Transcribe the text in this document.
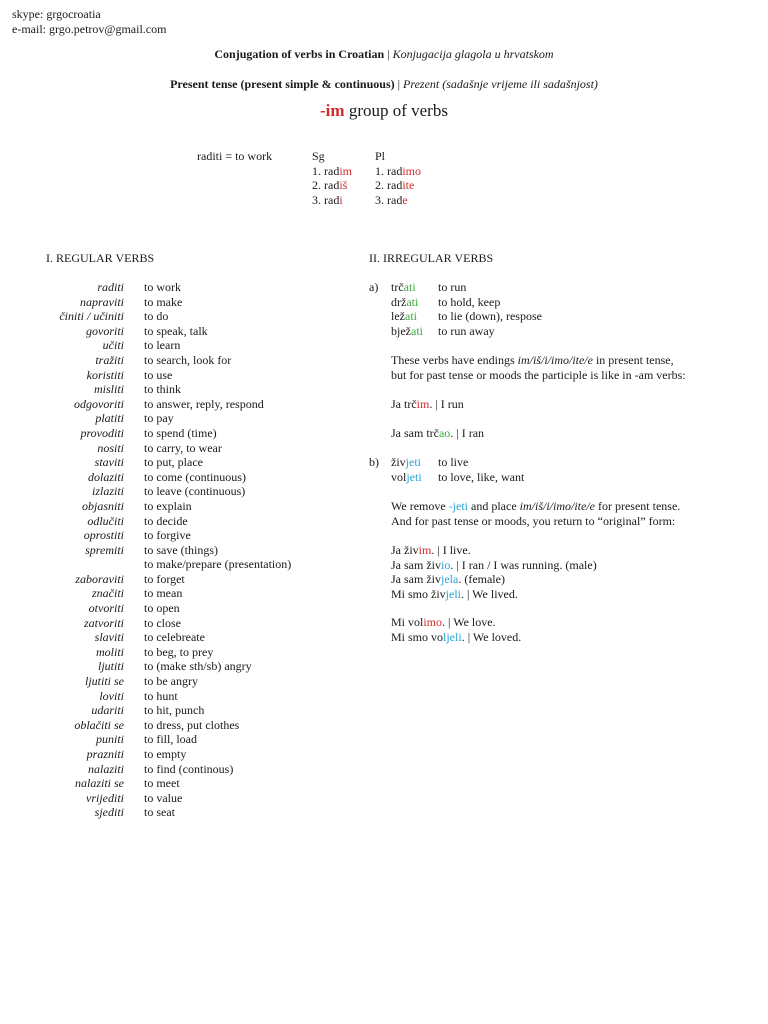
skype: grgocroatia
e-mail: grgo.petrov@gmail.com
Conjugation of verbs in Croatian | Konjugacija glagola u hrvatskom
Present tense (present simple & continuous) | Prezent (sadašnje vrijeme ili sadašnjost)
-im group of verbs
raditi = to work	Sg
1. radim
2. radiš
3. radi
Pl
1. radimo
2. radite
3. rade
I. REGULAR VERBS
raditi
napraviti
činiti / učiniti
govoriti
učiti
tražiti
koristiti
misliti
odgovoriti
platiti
provoditi
nositi
staviti
dolaziti
izlaziti
objasniti
odlučiti
oprostiti
spremiti
zaboraviti
značiti
otvoriti
zatvoriti
slaviti
moliti
ljutiti
ljutiti se
loviti
udariti
oblačiti se
puniti
prazniti
nalaziti
nalaziti se
vrijediti
sjediti
to work
to make
to do
to speak, talk
to learn
to search, look for
to use
to think
to answer, reply, respond
to pay
to spend (time)
to carry, to wear
to put, place
to come (continuous)
to leave (continuous)
to explain
to decide
to forgive
to save (things)
to make/prepare (presentation)
to forget
to mean
to open
to close
to celebreate
to beg, to prey
to (make sth/sb) angry
to be angry
to hunt
to hit, punch
to dress, put clothes
to fill, load
to empty
to find (continous)
to meet
to value
to seat
II. IRREGULAR VERBS
a) trčati
držati
ležati
bježati
to run
to hold, keep
to lie (down), respose
to run away
These verbs have endings im/iš/i/imo/ite/e in present tense,
but for past tense or moods the participle is like in -am verbs:
Ja trčim. | I run
Ja sam trčao. | I ran
b) živjeti
voljeti
to live
to love, like, want
We remove -jeti and place im/iš/i/imo/ite/e for present tense.
And for past tense or moods, you return to “original” form:
Ja živim. | I live.
Ja sam živio. | I ran / I was running. (male)
Ja sam živjela. (female)
Mi smo živjeli. | We lived.
Mi volimo. | We love.
Mi smo voljeli. | We loved.
